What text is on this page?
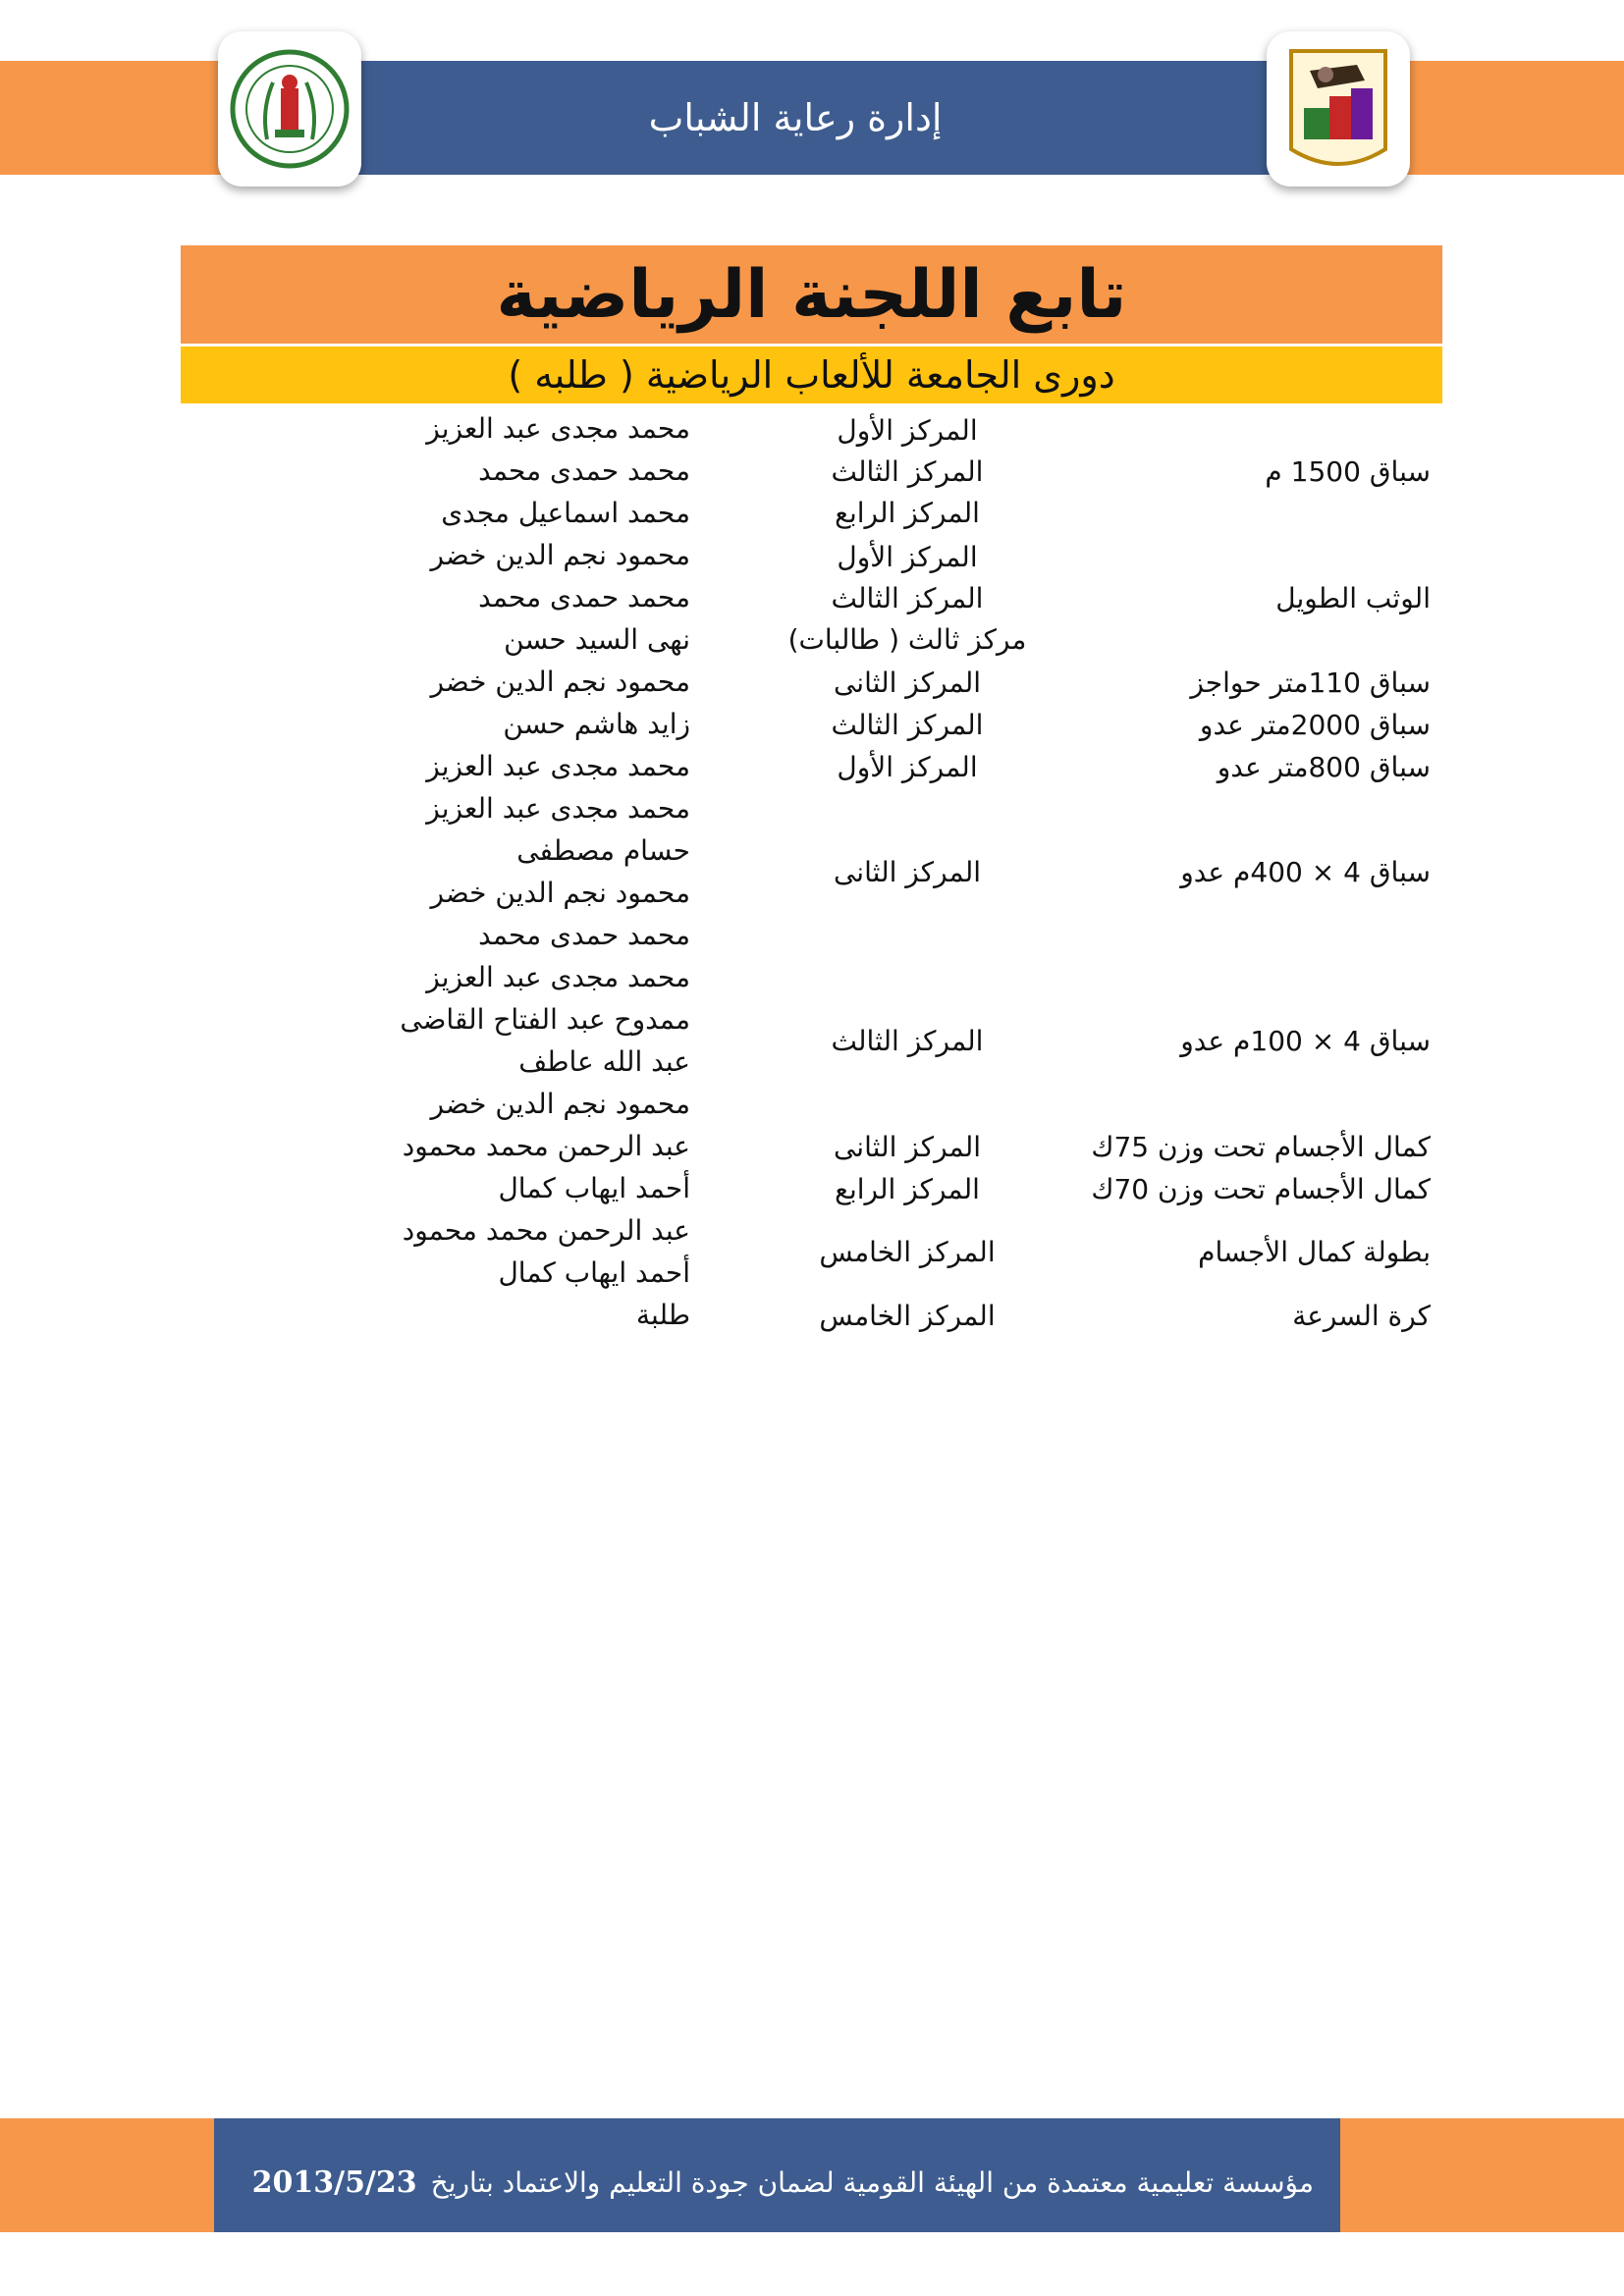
إدارة رعاية الشباب
تابع اللجنة الرياضية
دورى الجامعة للألعاب الرياضية ( طلبه )
سباق 1500 م
المركز الأول
المركز الثالث
المركز الرابع
محمد مجدى عبد العزيز
محمد حمدى محمد
محمد اسماعيل مجدى
الوثب الطويل
المركز الأول
المركز الثالث
مركز ثالث ( طالبات)
محمود نجم الدين خضر
محمد حمدى محمد
نهى السيد حسن
سباق 110متر حواجز
المركز الثانى
محمود نجم الدين خضر
سباق 2000متر عدو
المركز الثالث
زايد هاشم حسن
سباق 800متر عدو
المركز الأول
محمد مجدى عبد العزيز
سباق 4 × 400م عدو
المركز الثانى
محمد مجدى عبد العزيز
حسام مصطفى
محمود نجم الدين خضر
محمد حمدى محمد
سباق 4 × 100م عدو
المركز الثالث
محمد مجدى عبد العزيز
ممدوح عبد الفتاح القاضى
عبد الله عاطف
محمود نجم الدين خضر
كمال الأجسام تحت وزن 75ك
المركز الثانى
عبد الرحمن محمد محمود
كمال الأجسام تحت وزن 70ك
المركز الرابع
أحمد ايهاب كمال
بطولة كمال الأجسام
المركز الخامس
عبد الرحمن محمد محمود
أحمد ايهاب كمال
كرة السرعة
المركز الخامس
طلبة
مؤسسة تعليمية معتمدة من الهيئة القومية لضمان جودة التعليم والاعتماد بتاريخ
2013/5/23
